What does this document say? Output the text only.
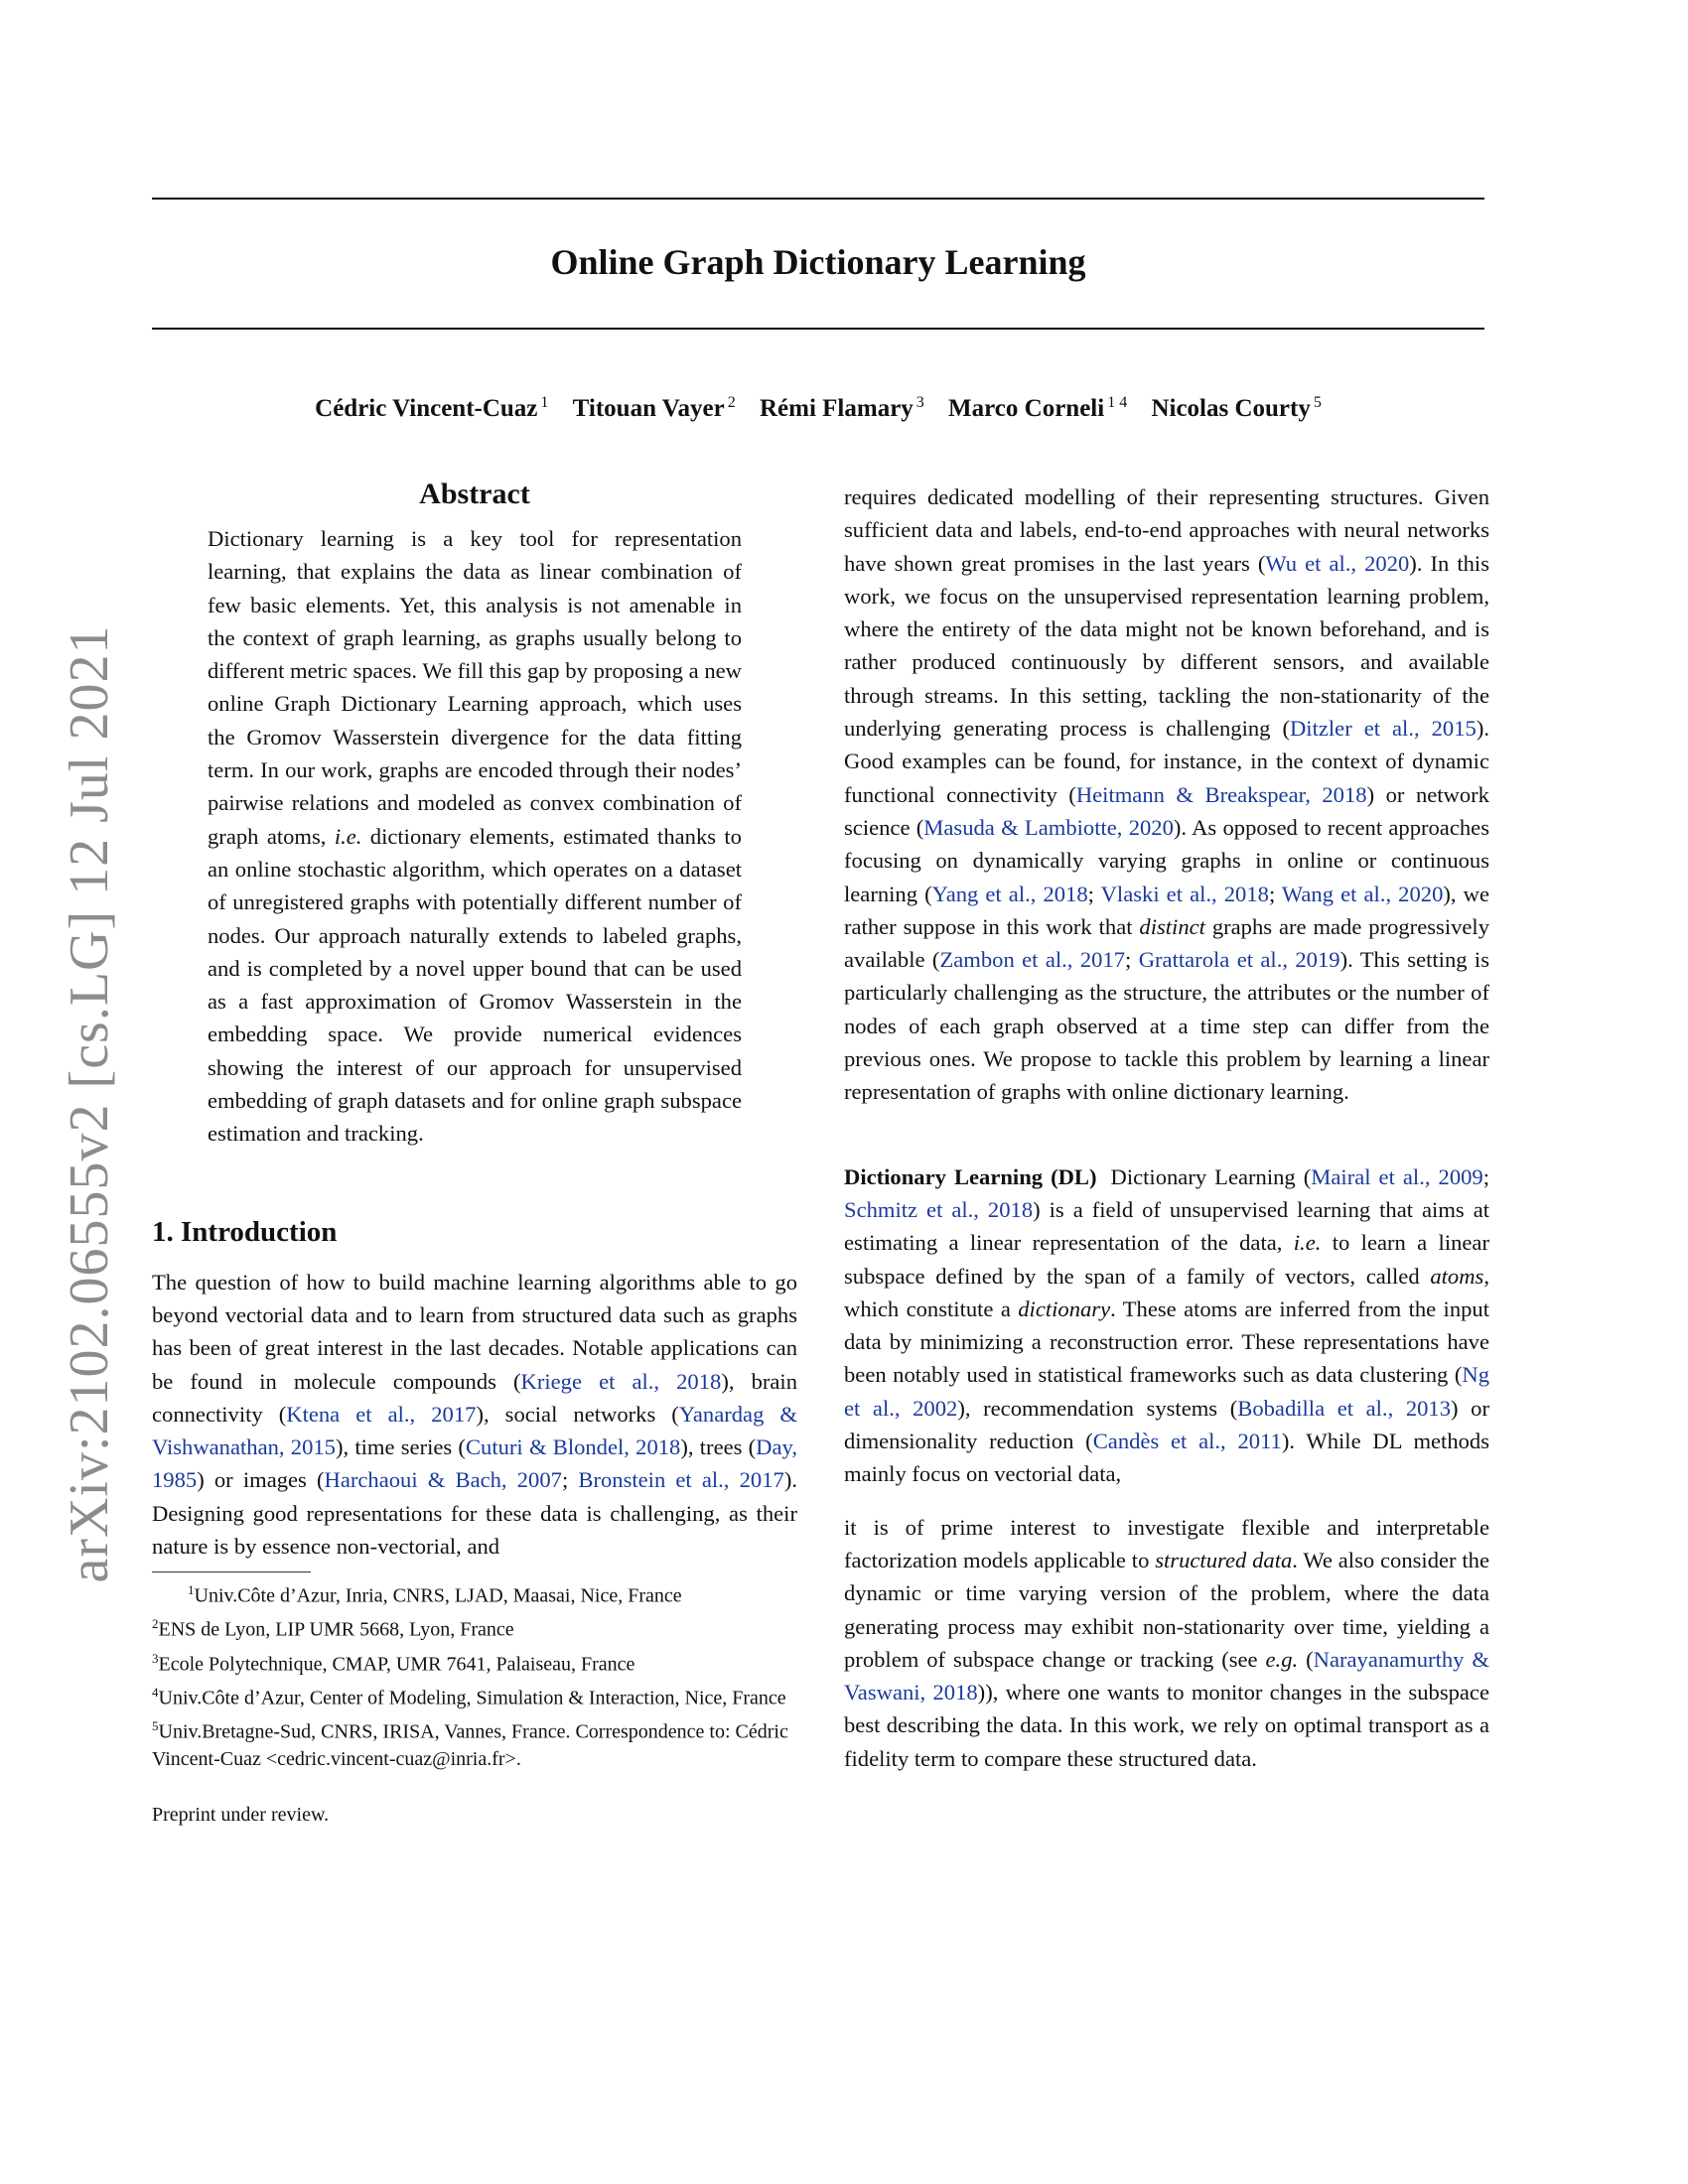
Online Graph Dictionary Learning
Cédric Vincent-Cuaz $^1$ Titouan Vayer $^2$ Rémi Flamary $^3$ Marco Corneli $^{1 4}$ Nicolas Courty $^5$
arXiv:2102.06555v2 [cs.LG] 12 Jul 2021
Abstract

Dictionary learning is a key tool for representation learning, that explains the data as linear combination of few basic elements. Yet, this analysis is not amenable in the context of graph learning, as graphs usually belong to different metric spaces. We fill this gap by proposing a new online Graph Dictionary Learning approach, which uses the Gromov Wasserstein divergence for the data fitting term. In our work, graphs are encoded through their nodes’ pairwise relations and modeled as convex combination of graph atoms, i.e. dictionary elements, estimated thanks to an online stochastic algorithm, which operates on a dataset of unregistered graphs with potentially different number of nodes. Our approach naturally extends to labeled graphs, and is completed by a novel upper bound that can be used as a fast approximation of Gromov Wasserstein in the embedding space. We provide numerical evidences showing the interest of our approach for unsupervised embedding of graph datasets and for online graph subspace estimation and tracking.

1. Introduction

The question of how to build machine learning algorithms able to go beyond vectorial data and to learn from structured data such as graphs has been of great interest in the last decades. Notable applications can be found in molecule compounds (Kriege et al., 2018), brain connectivity (Ktena et al., 2017), social networks (Yanardag & Vishwanathan, 2015), time series (Cuturi & Blondel, 2018), trees (Day, 1985) or images (Harchaoui & Bach, 2007; Bronstein et al., 2017). Designing good representations for these data is challenging, as their nature is by essence non-vectorial, and

$^1$Univ.Côte d’Azur, Inria, CNRS, LJAD, Maasai, Nice, France
$^2$ENS de Lyon, LIP UMR 5668, Lyon, France
$^3$Ecole Polytechnique, CMAP, UMR 7641, Palaiseau, France
$^4$Univ.Côte d’Azur, Center of Modeling, Simulation & Interaction, Nice, France
$^5$Univ.Bretagne-Sud, CNRS, IRISA, Vannes, France. Correspondence to: Cédric Vincent-Cuaz <cedric.vincent-cuaz@inria.fr>.
Preprint under review.

requires dedicated modelling of their representing structures. Given sufficient data and labels, end-to-end approaches with neural networks have shown great promises in the last years (Wu et al., 2020). In this work, we focus on the unsupervised representation learning problem, where the entirety of the data might not be known beforehand, and is rather produced continuously by different sensors, and available through streams. In this setting, tackling the non-stationarity of the underlying generating process is challenging (Ditzler et al., 2015). Good examples can be found, for instance, in the context of dynamic functional connectivity (Heitmann & Breakspear, 2018) or network science (Masuda & Lambiotte, 2020). As opposed to recent approaches focusing on dynamically varying graphs in online or continuous learning (Yang et al., 2018; Vlaski et al., 2018; Wang et al., 2020), we rather suppose in this work that distinct graphs are made progressively available (Zambon et al., 2017; Grattarola et al., 2019). This setting is particularly challenging as the structure, the attributes or the number of nodes of each graph observed at a time step can differ from the previous ones. We propose to tackle this problem by learning a linear representation of graphs with online dictionary learning.

Dictionary Learning (DL) Dictionary Learning (Mairal et al., 2009; Schmitz et al., 2018) is a field of unsupervised learning that aims at estimating a linear representation of the data, i.e. to learn a linear subspace defined by the span of a family of vectors, called atoms, which constitute a dictionary. These atoms are inferred from the input data by minimizing a reconstruction error. These representations have been notably used in statistical frameworks such as data clustering (Ng et al., 2002), recommendation systems (Bobadilla et al., 2013) or dimensionality reduction (Candès et al., 2011). While DL methods mainly focus on vectorial data,

it is of prime interest to investigate flexible and interpretable factorization models applicable to structured data. We also consider the dynamic or time varying version of the problem, where the data generating process may exhibit non-stationarity over time, yielding a problem of subspace change or tracking (see e.g. (Narayanamurthy & Vaswani, 2018)), where one wants to monitor changes in the subspace best describing the data. In this work, we rely on optimal transport as a fidelity term to compare these structured data.
